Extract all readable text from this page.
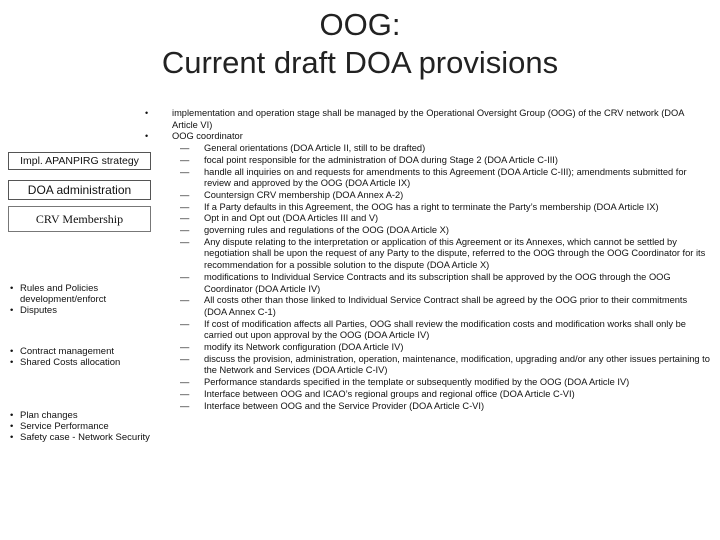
OOG:
Current draft DOA provisions
Impl. APANPIRG strategy
DOA administration
CRV Membership
• Rules and Policies development/enforct
• Disputes
• Contract management
• Shared Costs allocation
• Plan changes
• Service Performance
• Safety case - Network Security
•	implementation and operation stage shall be managed by the Operational Oversight Group (OOG) of the CRV network (DOA Article VI)
•	OOG coordinator
— General orientations (DOA Article II, still to be drafted)
— focal point responsible for the administration of DOA during Stage 2 (DOA Article C-III)
— handle all inquiries on and requests for amendments to this Agreement (DOA Article C-III); amendments submitted for review and approved by the OOG (DOA Article IX)
— Countersign CRV membership (DOA Annex A-2)
— If a Party defaults in this Agreement, the OOG has a right to terminate the Party’s membership (DOA Article IX)
— Opt in and Opt out (DOA Articles III and V)
— governing rules and regulations of the OOG (DOA Article X)
— Any dispute relating to the interpretation or application of this Agreement or its Annexes, which cannot be settled by negotiation shall be upon the request of any Party to the dispute, referred to the OOG through the OOG Coordinator for its recommendation for a possible solution to the dispute (DOA Article X)
— modifications to Individual Service Contracts and its subscription shall be approved by the OOG through the OOG Coordinator (DOA Article IV)
— All costs other than those linked to Individual Service Contract shall be agreed by the OOG prior to their commitments (DOA Annex C-1)
— If cost of modification affects all Parties, OOG shall review the modification costs and modification works shall only be carried out upon approval by the OOG (DOA Article IV)
— modify its Network configuration (DOA Article IV)
— discuss the provision, administration, operation, maintenance, modification, upgrading and/or any other issues pertaining to the Network and Services (DOA Article C-IV)
— Performance standards specified in the template or subsequently modified by the OOG (DOA Article IV)
— Interface between OOG and ICAO’s regional groups and regional office (DOA Article C-VI)
— Interface between OOG and the Service Provider (DOA Article C-VI)
